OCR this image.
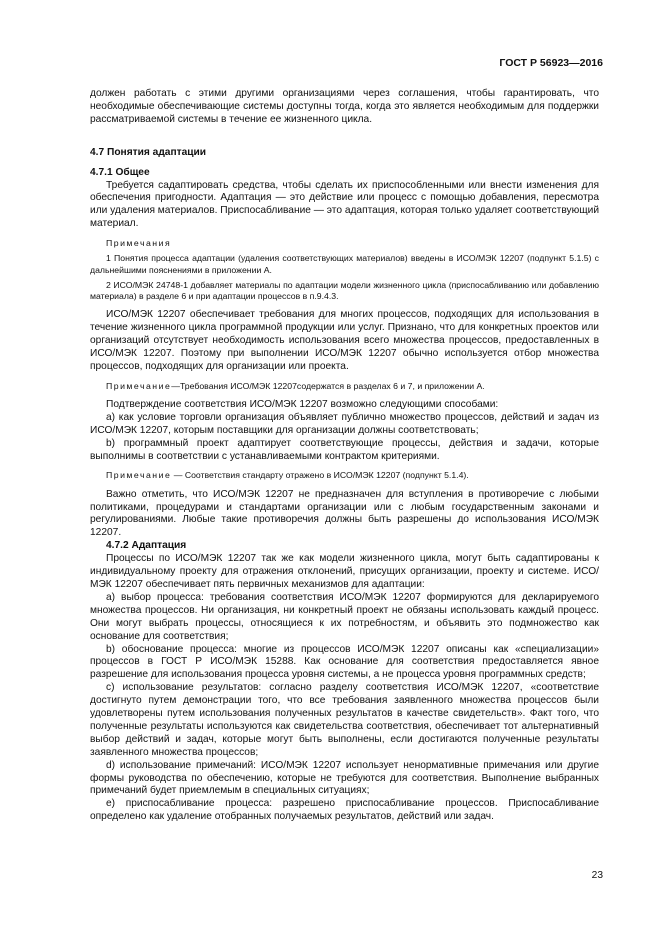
ГОСТ Р 56923—2016

должен работать с этими другими организациями через соглашения, чтобы гарантировать, что необходимые обеспечивающие системы доступны тогда, когда это является необходимым для поддержки рассматриваемой системы в течение ее жизненного цикла.

4.7 Понятия адаптации
4.7.1 Общее

Требуется садаптировать средства, чтобы сделать их приспособленными или внести изменения для обеспечения пригодности. Адаптация — это действие или процесс с помощью добавления, пересмотра или удаления материалов. Приспосабливание — это адаптация, которая только удаляет соответствующий материал.

Примечания

1 Понятия процесса адаптации (удаления соответствующих материалов) введены в ИСО/МЭК 12207 (подпункт 5.1.5) с дальнейшими пояснениями в приложении А.

2 ИСО/МЭК 24748-1 добавляет материалы по адаптации модели жизненного цикла (приспосабливанию или добавлению материала) в разделе 6 и при адаптации процессов в п.9.4.3.

ИСО/МЭК 12207 обеспечивает требования для многих процессов, подходящих для использования в течение жизненного цикла программной продукции или услуг. Признано, что для конкретных проектов или организаций отсутствует необходимость использования всего множества процессов, предоставленных в ИСО/МЭК 12207. Поэтому при выполнении ИСО/МЭК 12207 обычно используется отбор множества процессов, подходящих для организации или проекта.

Примечание—Требования ИСО/МЭК 12207содержатся в разделах 6 и 7, и приложении А.

Подтверждение соответствия ИСО/МЭК 12207 возможно следующими способами:

a) как условие торговли организация объявляет публично множество процессов, действий и задач из ИСО/МЭК 12207, которым поставщики для организации должны соответствовать;

b) программный проект адаптирует соответствующие процессы, действия и задачи, которые выполнимы в соответствии с устанавливаемыми контрактом критериями.

Примечание — Соответствия стандарту отражено в ИСО/МЭК 12207 (подпункт 5.1.4).

Важно отметить, что ИСО/МЭК 12207 не предназначен для вступления в противоречие с любыми политиками, процедурами и стандартами организации или с любым государственным законами и регулированиями. Любые такие противоречия должны быть разрешены до использования ИСО/МЭК 12207.

4.7.2 Адаптация

Процессы по ИСО/МЭК 12207 так же как модели жизненного цикла, могут быть садаптированы к индивидуальному проекту для отражения отклонений, присущих организации, проекту и системе. ИСО/МЭК 12207 обеспечивает пять первичных механизмов для адаптации:

a) выбор процесса: требования соответствия ИСО/МЭК 12207 формируются для декларируемого множества процессов. Ни организация, ни конкретный проект не обязаны использовать каждый процесс. Они могут выбрать процессы, относящиеся к их потребностям, и объявить это подмножество как основание для соответствия;

b) обоснование процесса: многие из процессов ИСО/МЭК 12207 описаны как «специализации» процессов в ГОСТ Р ИСО/МЭК 15288. Как основание для соответствия предоставляется явное разрешение для использования процесса уровня системы, а не процесса уровня программных средств;

c) использование результатов: согласно разделу соответствия ИСО/МЭК 12207, «соответствие достигнуто путем демонстрации того, что все требования заявленного множества процессов были удовлетворены путем использования полученных результатов в качестве свидетельств». Факт того, что полученные результаты используются как свидетельства соответствия, обеспечивает тот альтернативный выбор действий и задач, которые могут быть выполнены, если достигаются полученные результаты заявленного множества процессов;

d) использование примечаний: ИСО/МЭК 12207 использует ненормативные примечания или другие формы руководства по обеспечению, которые не требуются для соответствия. Выполнение выбранных примечаний будет приемлемым в специальных ситуациях;

e) приспосабливание процесса: разрешено приспосабливание процессов. Приспосабливание определено как удаление отобранных получаемых результатов, действий или задач.

23
